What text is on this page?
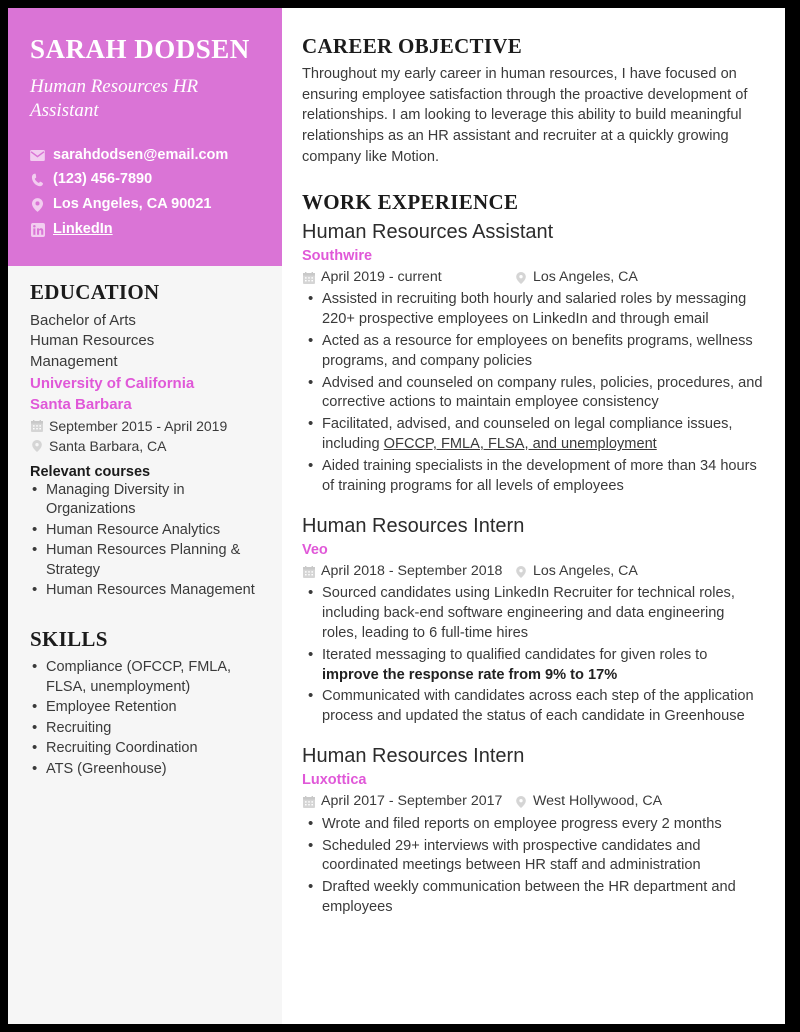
SARAH DODSEN
Human Resources HR Assistant
sarahdodsen@email.com
(123) 456-7890
Los Angeles, CA 90021
LinkedIn
EDUCATION
Bachelor of Arts
Human Resources
Management
University of California
Santa Barbara
September 2015 - April 2019
Santa Barbara, CA
Relevant courses
• Managing Diversity in Organizations
• Human Resource Analytics
• Human Resources Planning & Strategy
• Human Resources Management
SKILLS
• Compliance (OFCCP, FMLA, FLSA, unemployment)
• Employee Retention
• Recruiting
• Recruiting Coordination
• ATS (Greenhouse)
CAREER OBJECTIVE

Throughout my early career in human resources, I have focused on ensuring employee satisfaction through the proactive development of relationships. I am looking to leverage this ability to build meaningful relationships as an HR assistant and recruiter at a quickly growing company like Motion.

WORK EXPERIENCE
Human Resources Assistant
Southwire
April 2019 - current	Los Angeles, CA
• Assisted in recruiting both hourly and salaried roles by messaging 220+ prospective employees on LinkedIn and through email
• Acted as a resource for employees on benefits programs, wellness programs, and company policies
• Advised and counseled on company rules, policies, procedures, and corrective actions to maintain employee consistency
• Facilitated, advised, and counseled on legal compliance issues, including OFCCP, FMLA, FLSA, and unemployment
• Aided training specialists in the development of more than 34 hours of training programs for all levels of employees
Human Resources Intern
Veo
April 2018 - September 2018 Los Angeles, CA
• Sourced candidates using LinkedIn Recruiter for technical roles, including back-end software engineering and data engineering roles, leading to 6 full-time hires
• Iterated messaging to qualified candidates for given roles to improve the response rate from 9% to 17%
• Communicated with candidates across each step of the application process and updated the status of each candidate in Greenhouse
Human Resources Intern
Luxottica
April 2017 - September 2017 West Hollywood, CA
• Wrote and filed reports on employee progress every 2 months
• Scheduled 29+ interviews with prospective candidates and coordinated meetings between HR staff and administration
• Drafted weekly communication between the HR department and employees
